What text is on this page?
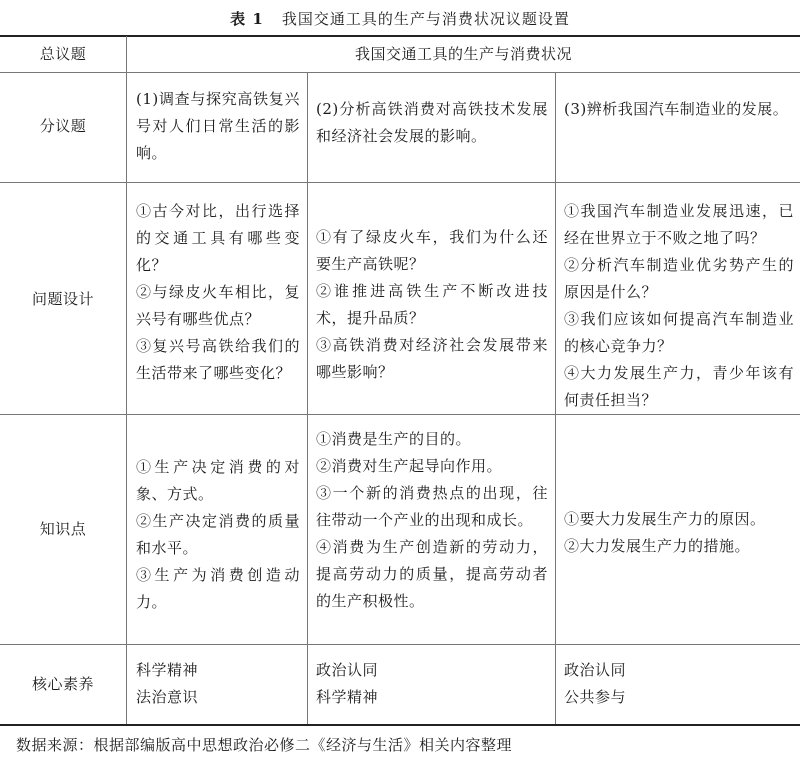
表 1 我国交通工具的生产与消费状况议题设置
总议题	我国交通工具的生产与消费状况
分议题
(1)调查与探究高铁复兴号对人们日常生活的影响。
(2)分析高铁消费对高铁技术发展和经济社会发展的影响。
(3)辨析我国汽车制造业的发展。
问题设计

①古今对比，出行选择的交通工具有哪些变化？

②与绿皮火车相比，复兴号有哪些优点？

③复兴号高铁给我们的生活带来了哪些变化？

①有了绿皮火车，我们为什么还要生产高铁呢？

②谁推进高铁生产不断改进技术，提升品质？

③高铁消费对经济社会发展带来哪些影响？

①我国汽车制造业发展迅速，已经在世界立于不败之地了吗？

②分析汽车制造业优劣势产生的原因是什么？

③我们应该如何提高汽车制造业的核心竞争力？

④大力发展生产力，青少年该有何责任担当？

知识点

①生产决定消费的对象、方式。

②生产决定消费的质量和水平。

③生产为消费创造动力。

①消费是生产的目的。

②消费对生产起导向作用。

③一个新的消费热点的出现，往往带动一个产业的出现和成长。

④消费为生产创造新的劳动力，提高劳动力的质量，提高劳动者的生产积极性。

①要大力发展生产力的原因。

②大力发展生产力的措施。

核心素养

科学精神

法治意识

政治认同

科学精神

政治认同

公共参与

数据来源：根据部编版高中思想政治必修二《经济与生活》相关内容整理
